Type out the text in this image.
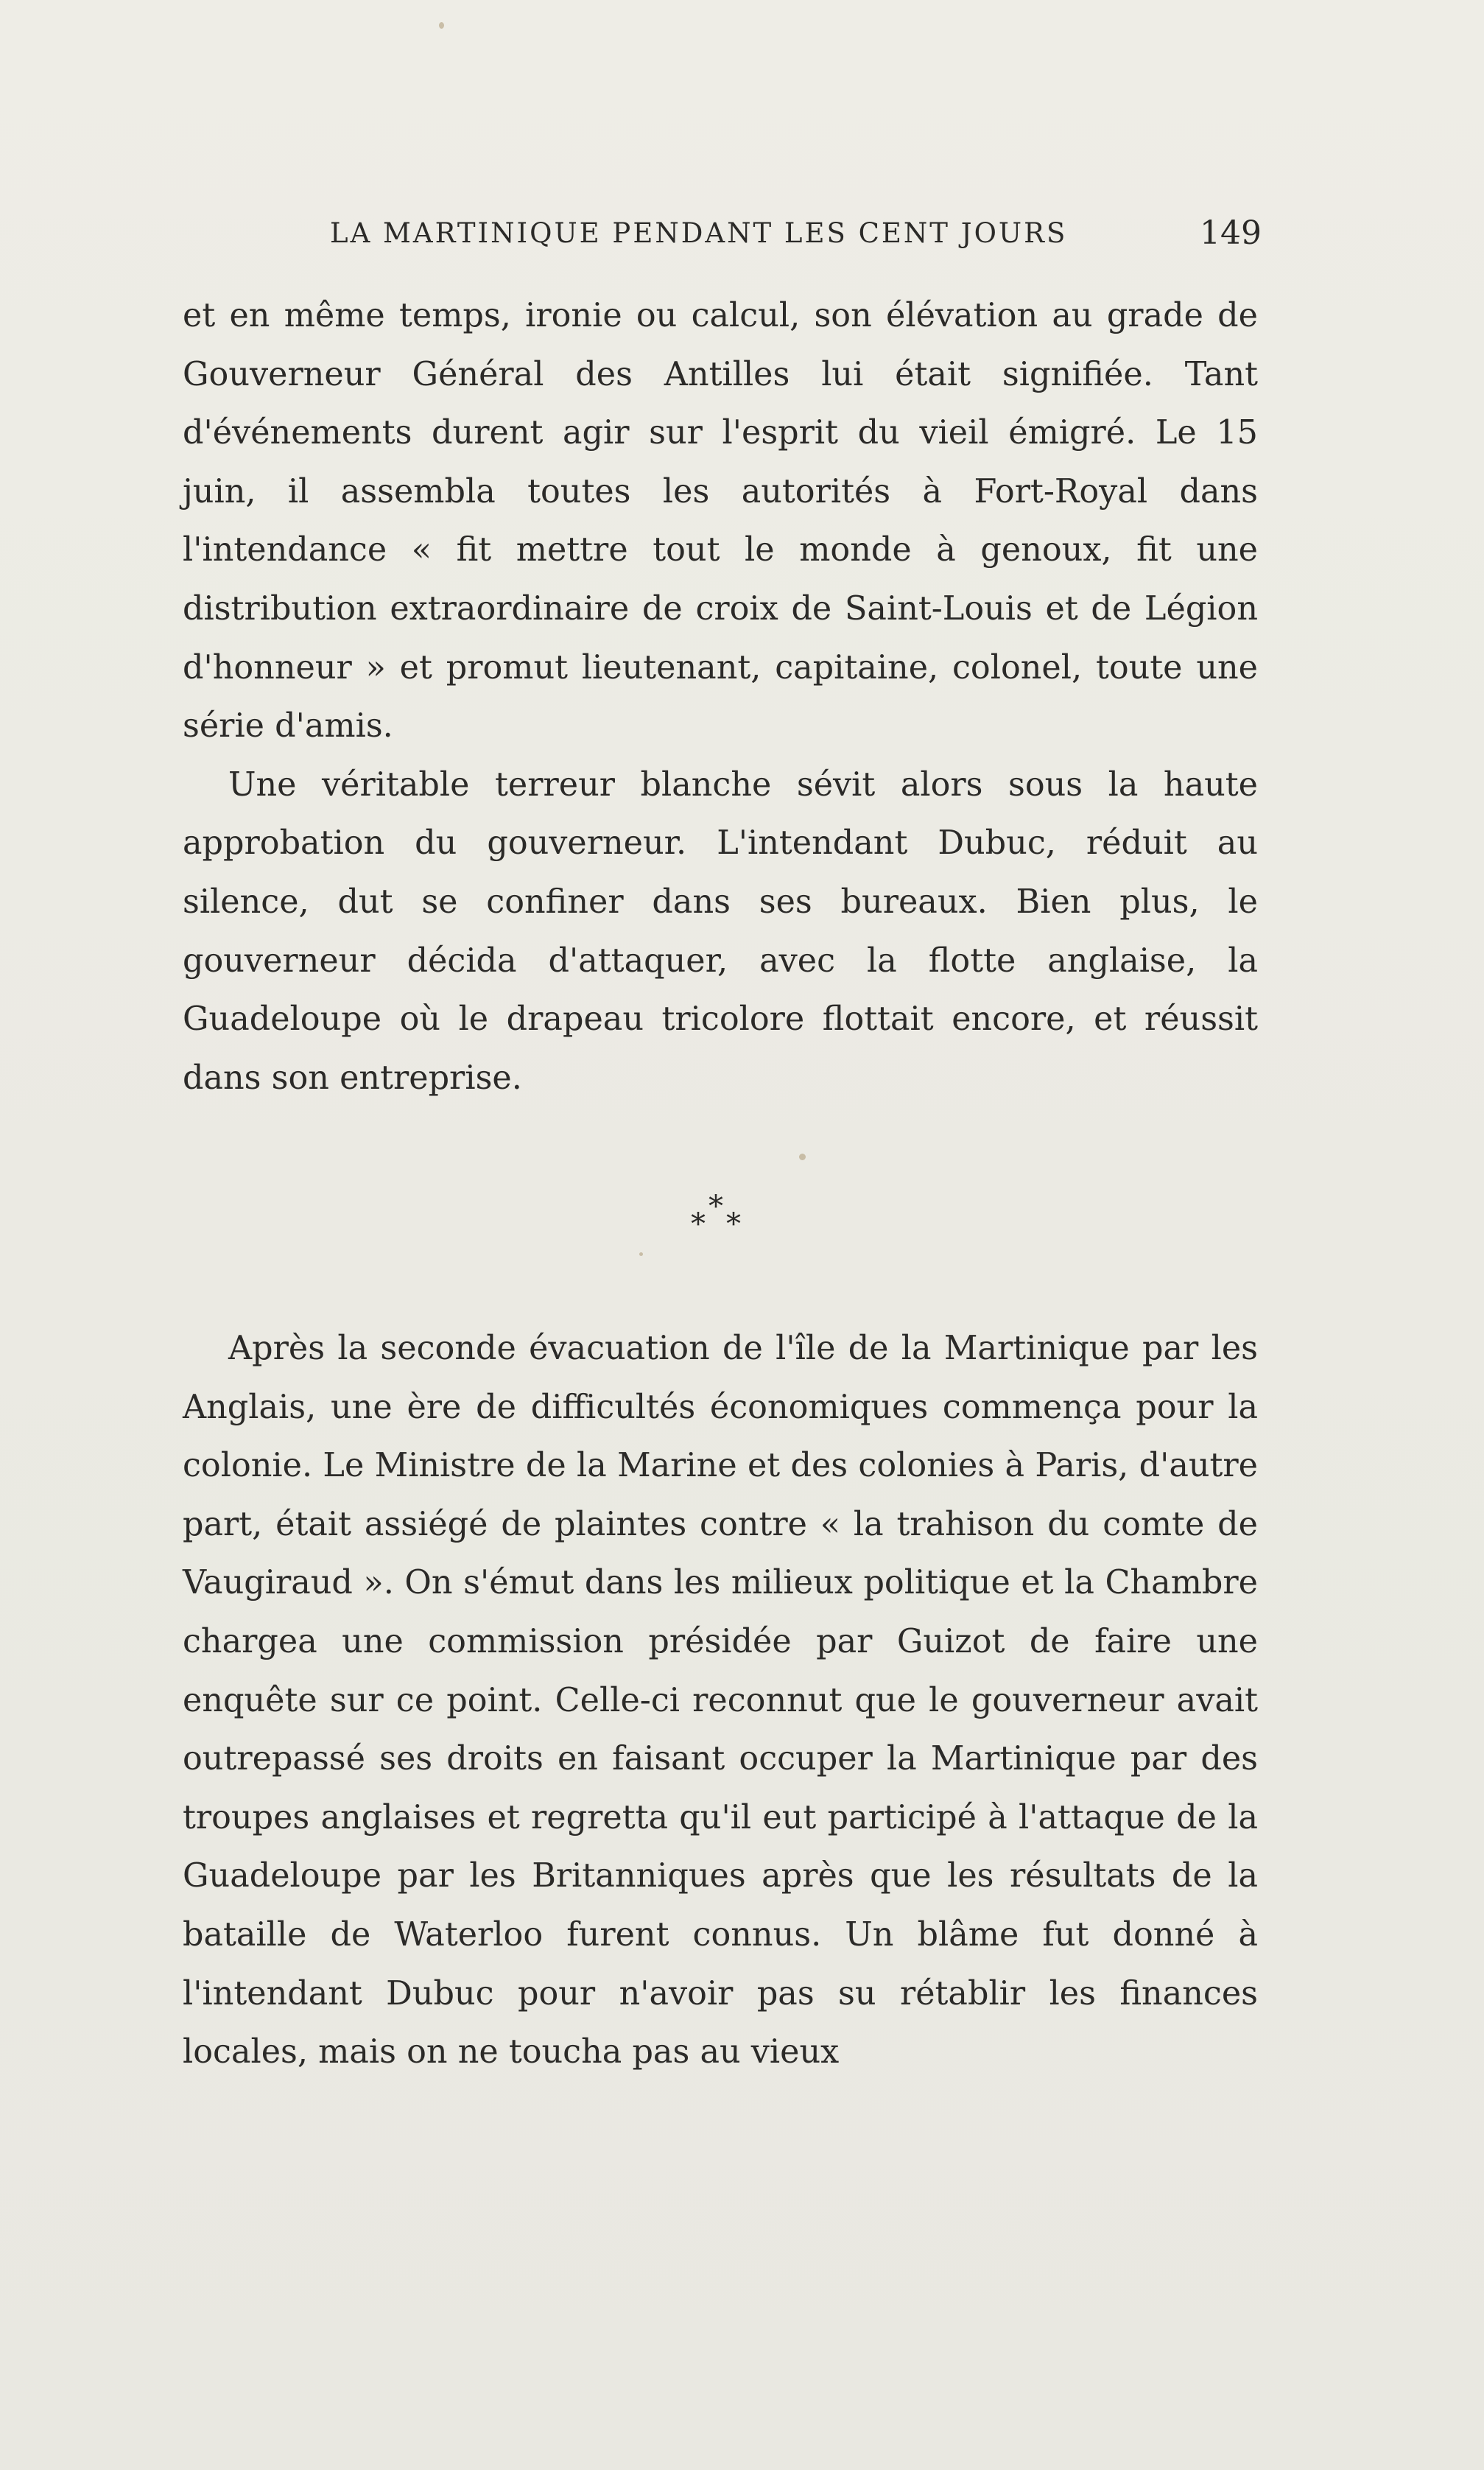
LA MARTINIQUE PENDANT LES CENT JOURS	149

et en même temps, ironie ou calcul, son élévation au grade de Gouverneur Général des Antilles lui était signifiée. Tant d'événements durent agir sur l'esprit du vieil émigré. Le 15 juin, il assembla toutes les autorités à Fort-Royal dans l'intendance « fit mettre tout le monde à genoux, fit une distribution extraordinaire de croix de Saint-Louis et de Légion d'honneur » et promut lieutenant, capitaine, colonel, toute une série d'amis.

Une véritable terreur blanche sévit alors sous la haute approbation du gouverneur. L'intendant Dubuc, réduit au silence, dut se confiner dans ses bureaux. Bien plus, le gouverneur décida d'attaquer, avec la flotte anglaise, la Guadeloupe où le drapeau tricolore flottait encore, et réussit dans son entreprise.

*
* *

Après la seconde évacuation de l'île de la Martinique par les Anglais, une ère de difficultés économiques commença pour la colonie. Le Ministre de la Marine et des colonies à Paris, d'autre part, était assiégé de plaintes contre « la trahison du comte de Vaugiraud ». On s'émut dans les milieux politique et la Chambre chargea une commission présidée par Guizot de faire une enquête sur ce point. Celle-ci reconnut que le gouverneur avait outrepassé ses droits en faisant occuper la Martinique par des troupes anglaises et regretta qu'il eut participé à l'attaque de la Guadeloupe par les Britanniques après que les résultats de la bataille de Waterloo furent connus. Un blâme fut donné à l'intendant Dubuc pour n'avoir pas su rétablir les finances locales, mais on ne toucha pas au vieux
